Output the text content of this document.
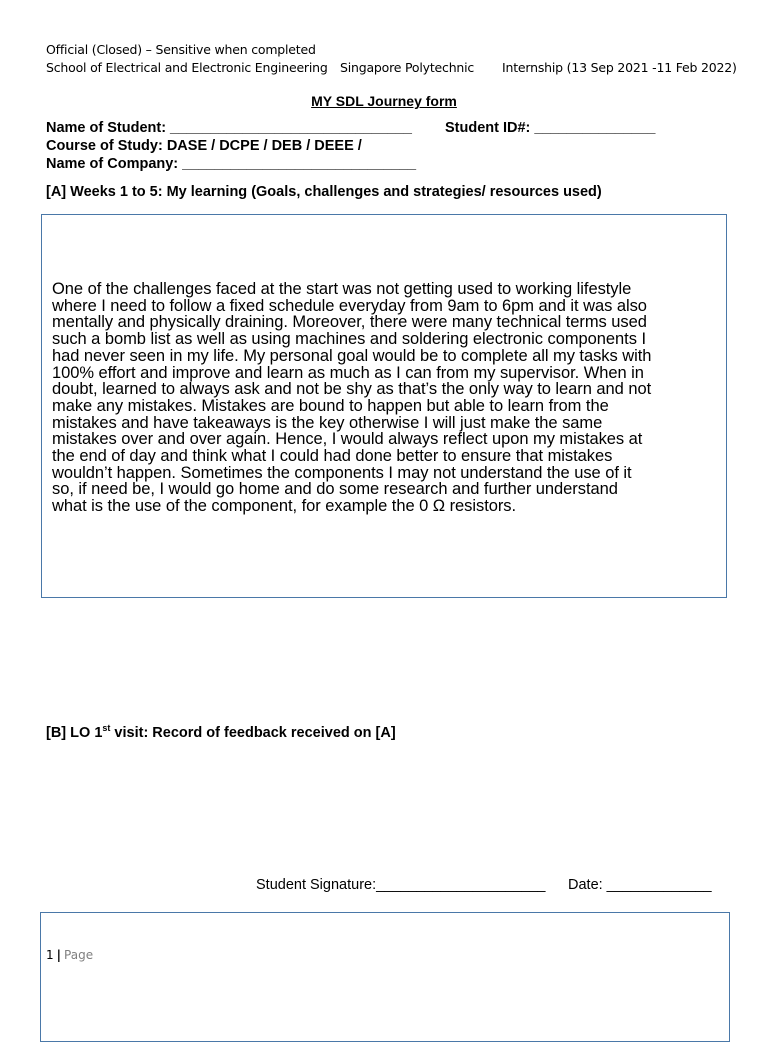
Official (Closed) – Sensitive when completed
School of Electrical and Electronic Engineering Singapore Polytechnic Internship (13 Sep 2021 -11 Feb 2022)
MY SDL Journey form
Name of Student: ______________________________ Student ID#: _______________
Course of Study: DASE / DCPE / DEB / DEEE /
Name of Company: _____________________________
[A] Weeks 1 to 5: My learning (Goals, challenges and strategies/ resources used)
One of the challenges faced at the start was not getting used to working lifestyle
where I need to follow a fixed schedule everyday from 9am to 6pm and it was also
mentally and physically draining. Moreover, there were many technical terms used
such a bomb list as well as using machines and soldering electronic components I
had never seen in my life. My personal goal would be to complete all my tasks with
100% effort and improve and learn as much as I can from my supervisor. When in
doubt, learned to always ask and not be shy as that’s the only way to learn and not
make any mistakes. Mistakes are bound to happen but able to learn from the
mistakes and have takeaways is the key otherwise I will just make the same
mistakes over and over again. Hence, I would always reflect upon my mistakes at
the end of day and think what I could had done better to ensure that mistakes
wouldn’t happen. Sometimes the components I may not understand the use of it
so, if need be, I would go home and do some research and further understand
what is the use of the component, for example the 0 Ω resistors.
[B] LO 1st visit: Record of feedback received on [A]
Student Signature:_____________________ Date: _____________
1 | Page
